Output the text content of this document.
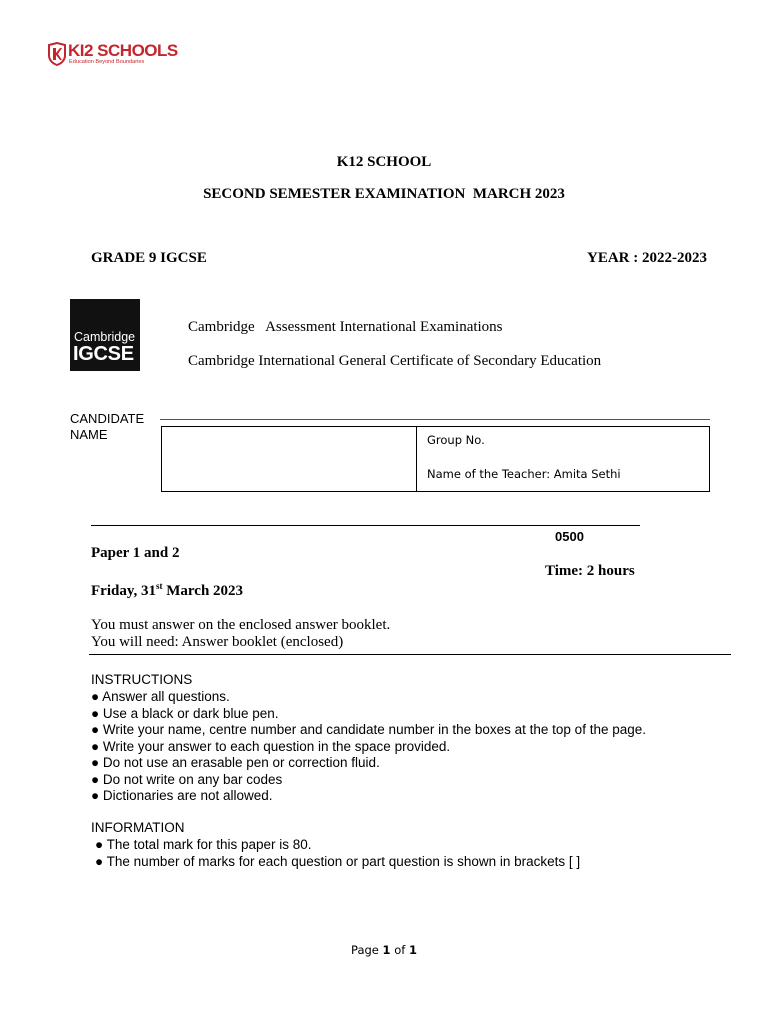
KI2 SCHOOLS
Education Beyond Boundaries
K12 SCHOOL
SECOND SEMESTER EXAMINATION  MARCH 2023
GRADE 9 IGCSE	YEAR : 2022-2023
Cambridge
IGCSE
Cambridge   Assessment International Examinations
Cambridge International General Certificate of Secondary Education
CANDIDATE
NAME	Group No.
Name of the Teacher: Amita Sethi
0500
Paper 1 and 2
Time: 2 hours
Friday, 31st March 2023
You must answer on the enclosed answer booklet.
You will need: Answer booklet (enclosed)
INSTRUCTIONS
● Answer all questions.
● Use a black or dark blue pen.
● Write your name, centre number and candidate number in the boxes at the top of the page.
● Write your answer to each question in the space provided.
● Do not use an erasable pen or correction fluid.
● Do not write on any bar codes
● Dictionaries are not allowed.
INFORMATION
● The total mark for this paper is 80.
● The number of marks for each question or part question is shown in brackets [ ]
Page 1 of 1
